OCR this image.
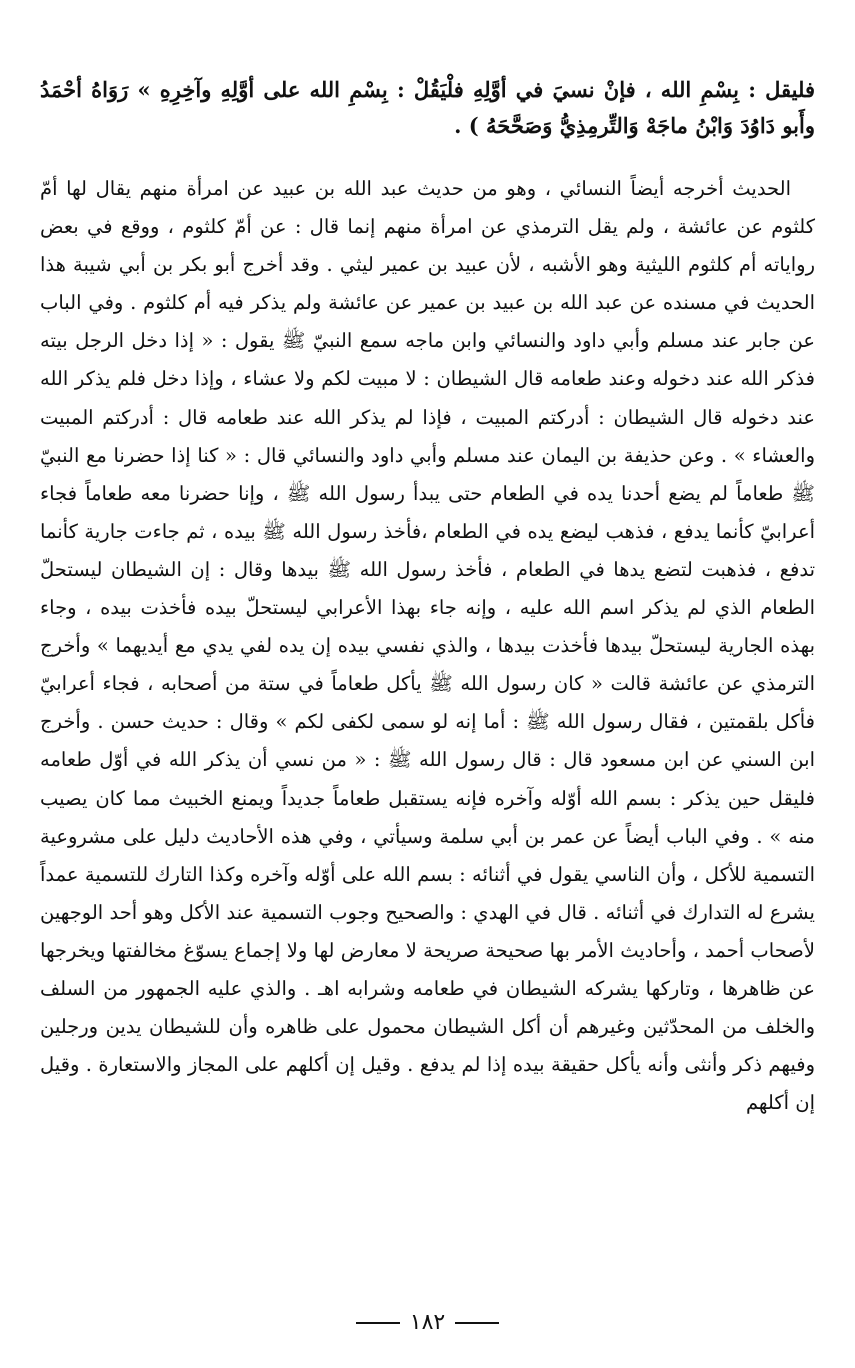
فليقل : بِسْمِ الله ، فإنْ نسيَ في أوَّلِهِ فلْيَقُلْ : بِسْمِ الله على أوَّلِهِ وآخِرِهِ » رَوَاهُ أحْمَدُ وأَبو دَاوُدَ وَابْنُ ماجَهْ وَالتِّرمِذِيُّ وَصَحَّحَهُ ) .

الحديث أخرجه أيضاً النسائي ، وهو من حديث عبد الله بن عبيد عن امرأة منهم يقال لها أمّ كلثوم عن عائشة ، ولم يقل الترمذي عن امرأة منهم إنما قال : عن أمّ كلثوم ، ووقع في بعض رواياته أم كلثوم الليثية وهو الأشبه ، لأن عبيد بن عمير ليثي . وقد أخرج أبو بكر بن أبي شيبة هذا الحديث في مسنده عن عبد الله بن عبيد بن عمير عن عائشة ولم يذكر فيه أم كلثوم . وفي الباب عن جابر عند مسلم وأبي داود والنسائي وابن ماجه سمع النبيّ ﷺ يقول : « إذا دخل الرجل بيته فذكر الله عند دخوله وعند طعامه قال الشيطان : لا مبيت لكم ولا عشاء ، وإذا دخل فلم يذكر الله عند دخوله قال الشيطان : أدركتم المبيت ، فإذا لم يذكر الله عند طعامه قال : أدركتم المبيت والعشاء » . وعن حذيفة بن اليمان عند مسلم وأبي داود والنسائي قال : « كنا إذا حضرنا مع النبيّ ﷺ طعاماً لم يضع أحدنا يده في الطعام حتى يبدأ رسول الله ﷺ ، وإنا حضرنا معه طعاماً فجاء أعرابيّ كأنما يدفع ، فذهب ليضع يده في الطعام ،فأخذ رسول الله ﷺ بيده ، ثم جاءت جارية كأنما تدفع ، فذهبت لتضع يدها في الطعام ، فأخذ رسول الله ﷺ بيدها وقال : إن الشيطان ليستحلّ الطعام الذي لم يذكر اسم الله عليه ، وإنه جاء بهذا الأعرابي ليستحلّ بيده فأخذت بيده ، وجاء بهذه الجارية ليستحلّ بيدها فأخذت بيدها ، والذي نفسي بيده إن يده لفي يدي مع أيديهما » وأخرج الترمذي عن عائشة قالت « كان رسول الله ﷺ يأكل طعاماً في ستة من أصحابه ، فجاء أعرابيّ فأكل بلقمتين ، فقال رسول الله ﷺ : أما إنه لو سمى لكفى لكم » وقال : حديث حسن . وأخرج ابن السني عن ابن مسعود قال : قال رسول الله ﷺ : « من نسي أن يذكر الله في أوّل طعامه فليقل حين يذكر : بسم الله أوّله وآخره فإنه يستقبل طعاماً جديداً ويمنع الخبيث مما كان يصيب منه » . وفي الباب أيضاً عن عمر بن أبي سلمة وسيأتي ، وفي هذه الأحاديث دليل على مشروعية التسمية للأكل ، وأن الناسي يقول في أثنائه : بسم الله على أوّله وآخره وكذا التارك للتسمية عمداً يشرع له التدارك في أثنائه . قال في الهدي : والصحيح وجوب التسمية عند الأكل وهو أحد الوجهين لأصحاب أحمد ، وأحاديث الأمر بها صحيحة صريحة لا معارض لها ولا إجماع يسوّغ مخالفتها ويخرجها عن ظاهرها ، وتاركها يشركه الشيطان في طعامه وشرابه اهـ . والذي عليه الجمهور من السلف والخلف من المحدّثين وغيرهم أن أكل الشيطان محمول على ظاهره وأن للشيطان يدين ورجلين وفيهم ذكر وأنثى وأنه يأكل حقيقة بيده إذا لم يدفع . وقيل إن أكلهم على المجاز والاستعارة . وقيل إن أكلهم

١٨٢
